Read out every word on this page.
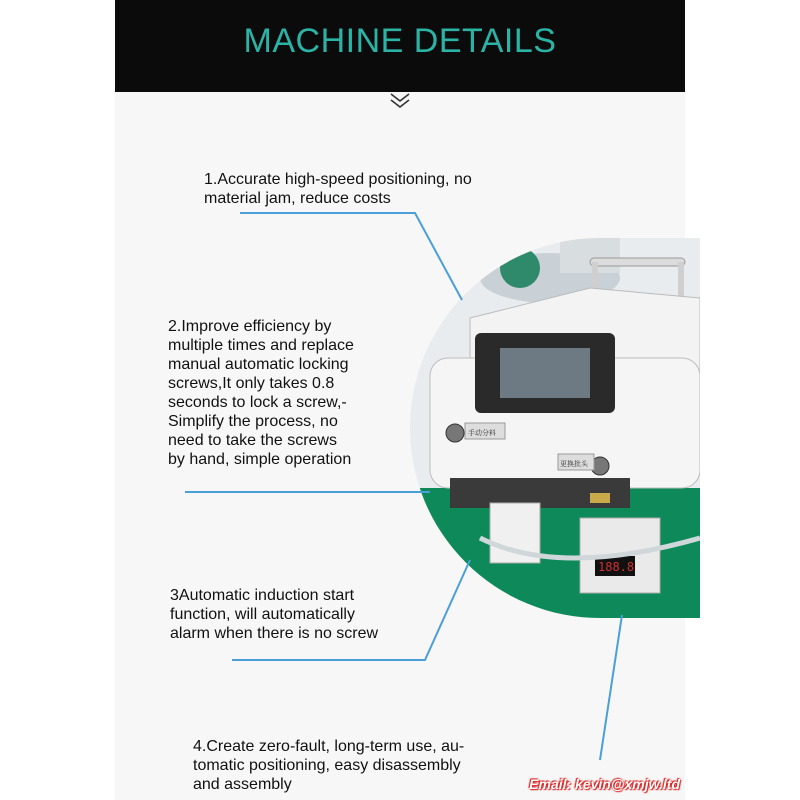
MACHINE DETAILS
手动分料
更换批头
188.8
1.Accurate high-speed positioning, no
material jam, reduce costs
2.Improve efficiency by
multiple times and replace
manual automatic locking
screws,It only takes 0.8
seconds to lock a screw,-
Simplify the process, no
need to take the screws
by hand, simple operation
3Automatic induction start
function, will automatically
alarm when there is no screw
4.Create zero-fault, long-term use, au-
tomatic positioning, easy disassembly
and assembly	Email: kevin@xmjw.ltd
